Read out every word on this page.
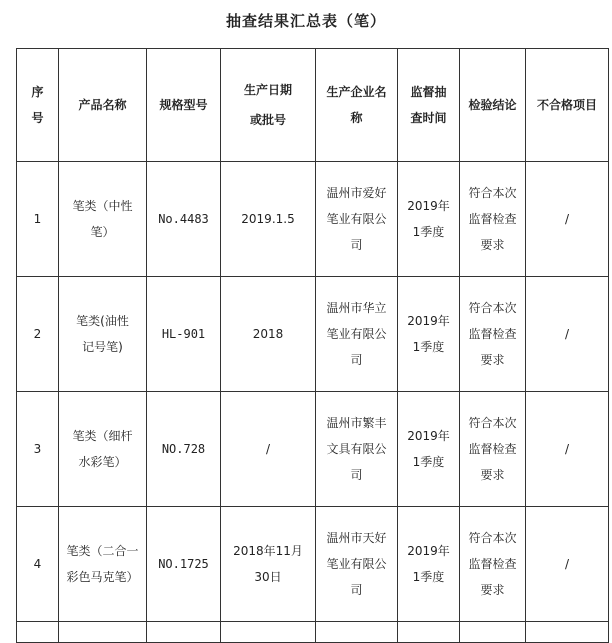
抽查结果汇总表（笔）
序号	产品名称	规格型号	生产日期或批号	生产企业名称	监督抽查时间	检验结论	不合格项目

1	笔类（中性笔）	No.4483	2019.1.5	温州市爱好笔业有限公司	2019年1季度	符合本次监督检查要求	/
2	笔类(油性记号笔)	HL-901	2018	温州市华立笔业有限公司	2019年1季度	符合本次监督检查要求	/
3	笔类（细杆水彩笔）	NO.728	/	温州市繁丰文具有限公司	2019年1季度	符合本次监督检查要求	/
4	笔类（二合一彩色马克笔）	NO.1725	2018年11月30日	温州市天好笔业有限公司	2019年1季度	符合本次监督检查要求	/
